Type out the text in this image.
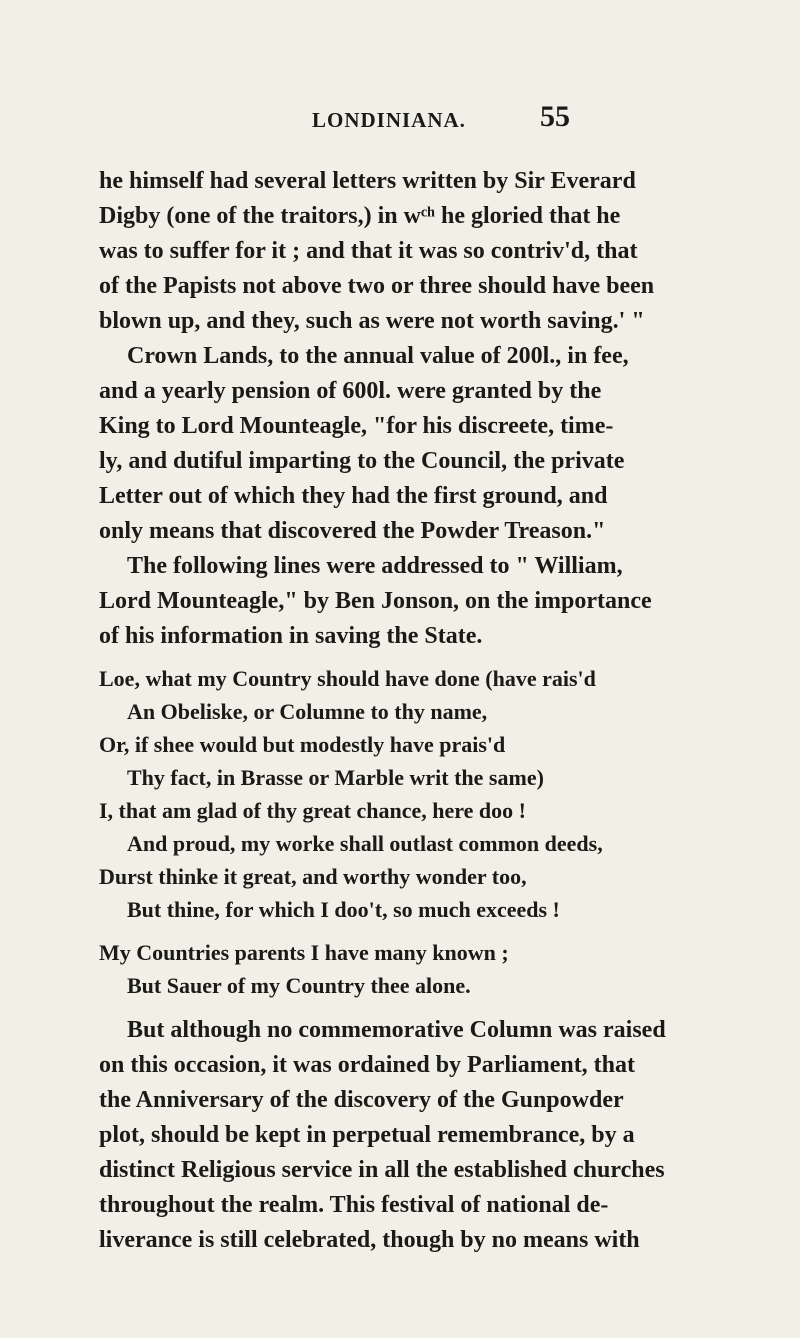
LONDINIANA. 55
he himself had several letters written by Sir Everard
Digby (one of the traitors,) in wᶜʰ he gloried that he
was to suffer for it ; and that it was so contriv'd, that
of the Papists not above two or three should have been
blown up, and they, such as were not worth saving.' "
Crown Lands, to the annual value of 200l., in fee,
and a yearly pension of 600l. were granted by the
King to Lord Mounteagle, "for his discreete, time-
ly, and dutiful imparting to the Council, the private
Letter out of which they had the first ground, and
only means that discovered the Powder Treason."
The following lines were addressed to " William,
Lord Mounteagle," by Ben Jonson, on the importance
of his information in saving the State.
Loe, what my Country should have done (have rais'd
An Obeliske, or Columne to thy name,
Or, if shee would but modestly have prais'd
Thy fact, in Brasse or Marble writ the same)
I, that am glad of thy great chance, here doo !
And proud, my worke shall outlast common deeds,
Durst thinke it great, and worthy wonder too,
But thine, for which I doo't, so much exceeds !
My Countries parents I have many known ;
But Sauer of my Country thee alone.
But although no commemorative Column was raised
on this occasion, it was ordained by Parliament, that
the Anniversary of the discovery of the Gunpowder
plot, should be kept in perpetual remembrance, by a
distinct Religious service in all the established churches
throughout the realm. This festival of national de-
liverance is still celebrated, though by no means with
